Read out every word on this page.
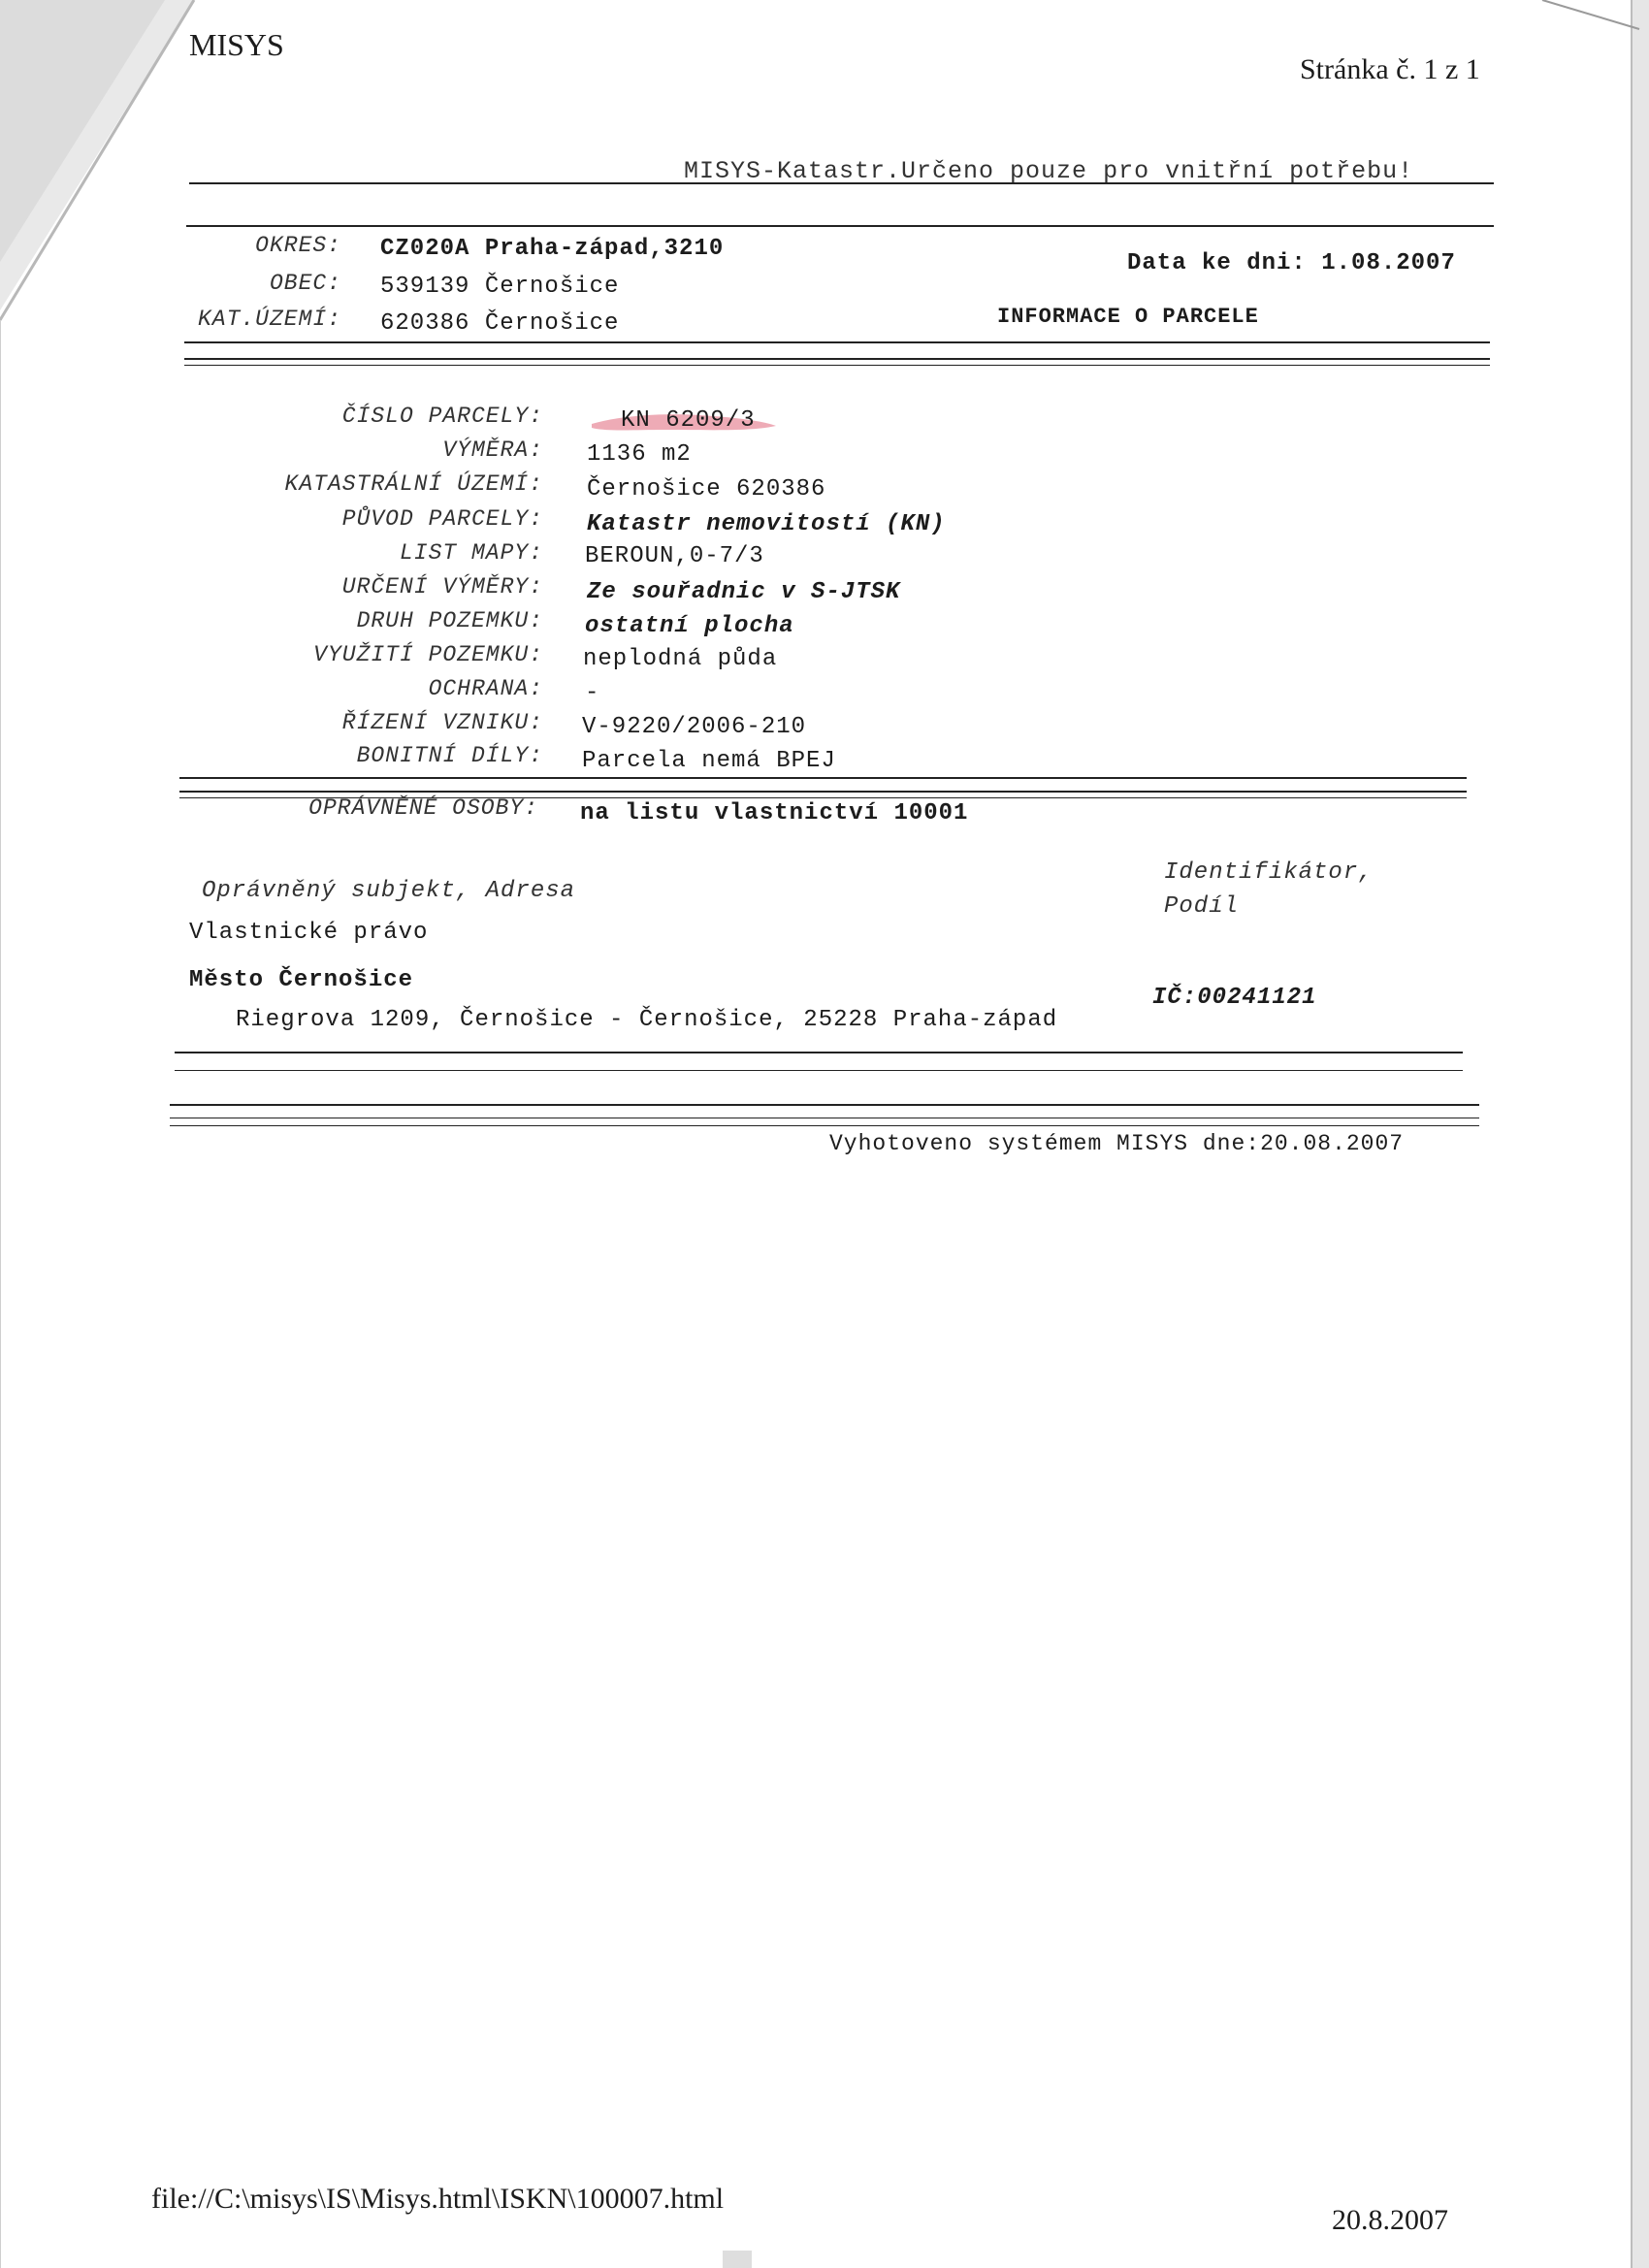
MISYS
Stránka č. 1 z 1
MISYS-Katastr.Určeno pouze pro vnitřní potřebu!
OKRES: CZ020A Praha-západ,3210
OBEC: 539139 Černošice
KAT.ÚZEMÍ: 620386 Černošice
Data ke dni: 1.08.2007
INFORMACE O PARCELE
ČÍSLO PARCELY:	KN 6209/3
VÝMĚRA: 1136 m2
KATASTRÁLNÍ ÚZEMÍ: Černošice 620386
PŮVOD PARCELY: Katastr nemovitostí (KN)
LIST MAPY: BEROUN,0-7/3
URČENÍ VÝMĚRY: Ze souřadnic v S-JTSK
DRUH POZEMKU: ostatní plocha
VYUŽITÍ POZEMKU: neplodná půda
OCHRANA: -
ŘÍZENÍ VZNIKU: V-9220/2006-210
BONITNÍ DÍLY: Parcela nemá BPEJ
OPRÁVNĚNÉ OSOBY: na listu vlastnictví 10001
Oprávněný subjekt, Adresa
Identifikátor,
Podíl
Vlastnické právo
Město Černošice
Riegrova 1209, Černošice - Černošice, 25228 Praha-západ
IČ:00241121
Vyhotoveno systémem MISYS dne:20.08.2007
file://C:\misys\IS\Misys.html\ISKN\100007.html
20.8.2007
